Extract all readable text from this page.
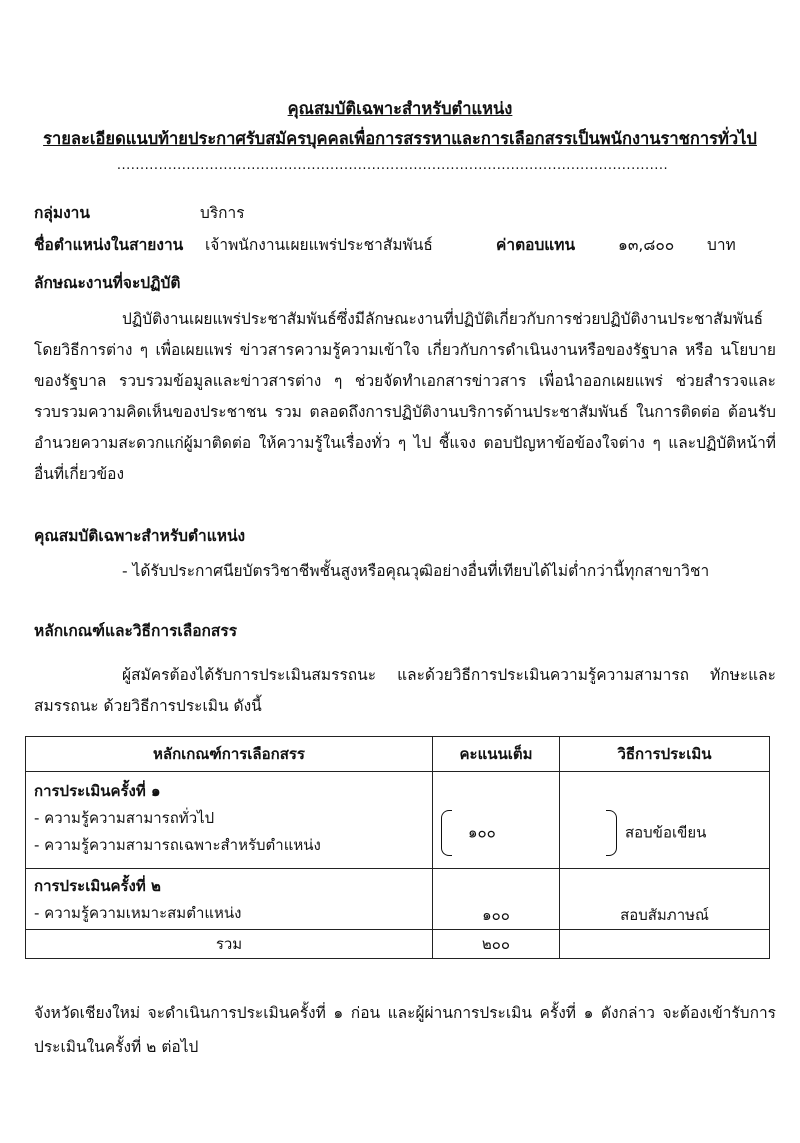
คุณสมบัติเฉพาะสำหรับตำแหน่ง
รายละเอียดแนบท้ายประกาศรับสมัครบุคคลเพื่อการสรรหาและการเลือกสรรเป็นพนักงานราชการทั่วไป
.......................................................................................................................
กลุ่มงาน	บริการ
ชื่อตำแหน่งในสายงาน เจ้าพนักงานเผยแพร่ประชาสัมพันธ์	ค่าตอบแทน	๑๓,๘๐๐ บาท
ลักษณะงานที่จะปฏิบัติ

ปฏิบัติงานเผยแพร่ประชาสัมพันธ์ซึ่งมีลักษณะงานที่ปฏิบัติเกี่ยวกับการช่วยปฏิบัติงานประชาสัมพันธ์ โดยวิธีการต่าง ๆ เพื่อเผยแพร่ ข่าวสารความรู้ความเข้าใจ เกี่ยวกับการดำเนินงานหรือของรัฐบาล หรือ นโยบายของรัฐบาล รวบรวมข้อมูลและข่าวสารต่าง ๆ ช่วยจัดทำเอกสารข่าวสาร เพื่อนำออกเผยแพร่ ช่วยสำรวจและรวบรวมความคิดเห็นของประชาชน รวม ตลอดถึงการปฏิบัติงานบริการด้านประชาสัมพันธ์ ในการติดต่อ ต้อนรับ อำนวยความสะดวกแก่ผู้มาติดต่อ ให้ความรู้ในเรื่องทั่ว ๆ ไป ชี้แจง ตอบปัญหาข้อข้องใจต่าง ๆ และปฏิบัติหน้าที่อื่นที่เกี่ยวข้อง

คุณสมบัติเฉพาะสำหรับตำแหน่ง
- ได้รับประกาศนียบัตรวิชาชีพชั้นสูงหรือคุณวุฒิอย่างอื่นที่เทียบได้ไม่ต่ำกว่านี้ทุกสาขาวิชา
หลักเกณฑ์และวิธีการเลือกสรร

ผู้สมัครต้องได้รับการประเมินสมรรถนะ และด้วยวิธีการประเมินความรู้ความสามารถ ทักษะและสมรรถนะ ด้วยวิธีการประเมิน ดังนี้

หลักเกณฑ์การเลือกสรร	คะแนนเต็ม	วิธีการประเมิน

การประเมินครั้งที่ ๑
- ความรู้ความสามารถทั่วไป
- ความรู้ความสามารถเฉพาะสำหรับตำแหน่ง	๑๐๐	สอบข้อเขียน

การประเมินครั้งที่ ๒
- ความรู้ความเหมาะสมตำแหน่ง	๑๐๐	สอบสัมภาษณ์
รวม	๒๐๐	

จังหวัดเชียงใหม่ จะดำเนินการประเมินครั้งที่ ๑ ก่อน และผู้ผ่านการประเมิน ครั้งที่ ๑ ดังกล่าว จะต้องเข้ารับการประเมินในครั้งที่ ๒ ต่อไป
